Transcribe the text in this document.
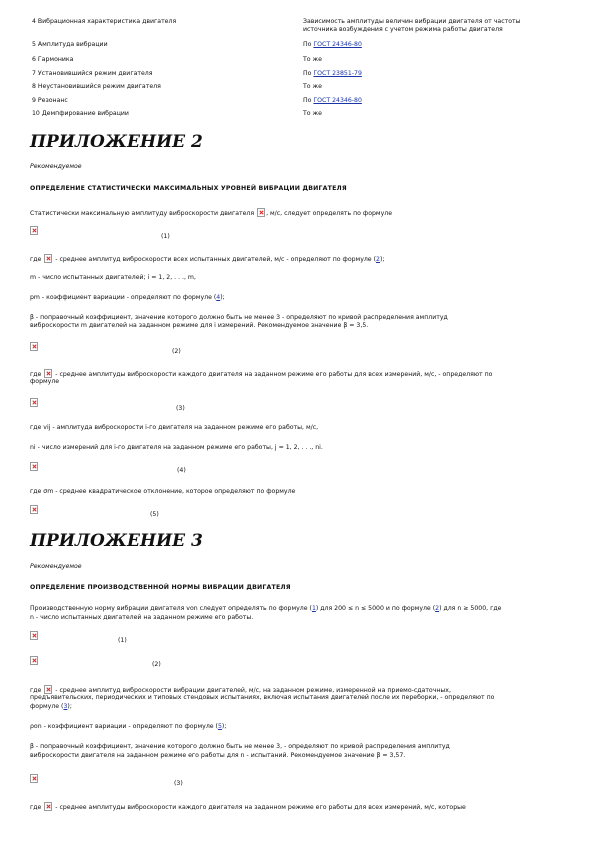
4 Вибрационная характеристика двигателя	Зависимость амплитуды величин вибрации двигателя от частоты
источника возбуждения с учетом режима работы двигателя
5 Амплитуда вибрации	По ГОСТ 24346-80
6 Гармоника	То же
7 Установившийся режим двигателя	По ГОСТ 23851-79
8 Неустановившийся режим двигателя	То же
9 Резонанс	По ГОСТ 24346-80
10 Демпфирование вибрации	То же
ПРИЛОЖЕНИЕ 2
Рекомендуемое
ОПРЕДЕЛЕНИЕ СТАТИСТИЧЕСКИ МАКСИМАЛЬНЫХ УРОВНЕЙ ВИБРАЦИИ ДВИГАТЕЛЯ
Статистически максимальную амплитуду виброскорости двигателя , м/с, следует определять по формуле
(1)
где - среднее амплитуд виброскорости всех испытанных двигателей, м/с - определяют по формуле (2);
m - число испытанных двигателей; i = 1, 2, . . ., m,
pm - коэффициент вариации - определяют по формуле (4);
β - поправочный коэффициент, значение которого должно быть не менее 3 - определяют по кривой распределения амплитуд
виброскорости m двигателей на заданном режиме для i измерений. Рекомендуемое значение β = 3,5.
(2)
где - среднее амплитуды виброскорости каждого двигателя на заданном режиме его работы для всех измерений, м/с, - определяют по
формуле
(3)
где vij - амплитуда виброскорости i-го двигателя на заданном режиме его работы, м/с,
ni - число измерений для i-го двигателя на заданном режиме его работы, j = 1, 2, . . ., ni.
(4)
где σm - среднее квадратическое отклонение, которое определяют по формуле
(5)
ПРИЛОЖЕНИЕ 3
Рекомендуемое
ОПРЕДЕЛЕНИЕ ПРОИЗВОДСТВЕННОЙ НОРМЫ ВИБРАЦИИ ДВИГАТЕЛЯ
Производственную норму вибрации двигателя von следует определять по формуле (1) для 200 ≤ n ≤ 5000 и по формуле (2) для n ≥ 5000, где
n - число испытанных двигателей на заданном режиме его работы.
(1)
(2)
где - среднее амплитуд виброскорости вибрации двигателей, м/с, на заданном режиме, измеренной на приемо-сдаточных,
предъявительских, периодических и типовых стендовых испытаниях, включая испытания двигателей после их переборки, - определяют по
формуле (3);
ρon - коэффициент вариации - определяют по формуле (5);
β - поправочный коэффициент, значение которого должно быть не менее 3, - определяют по кривой распределения амплитуд
виброскорости двигателя на заданном режиме его работы для n - испытаний. Рекомендуемое значение β = 3,57.
(3)
где - среднее амплитуды виброскорости каждого двигателя на заданном режиме его работы для всех измерений, м/с, которые
